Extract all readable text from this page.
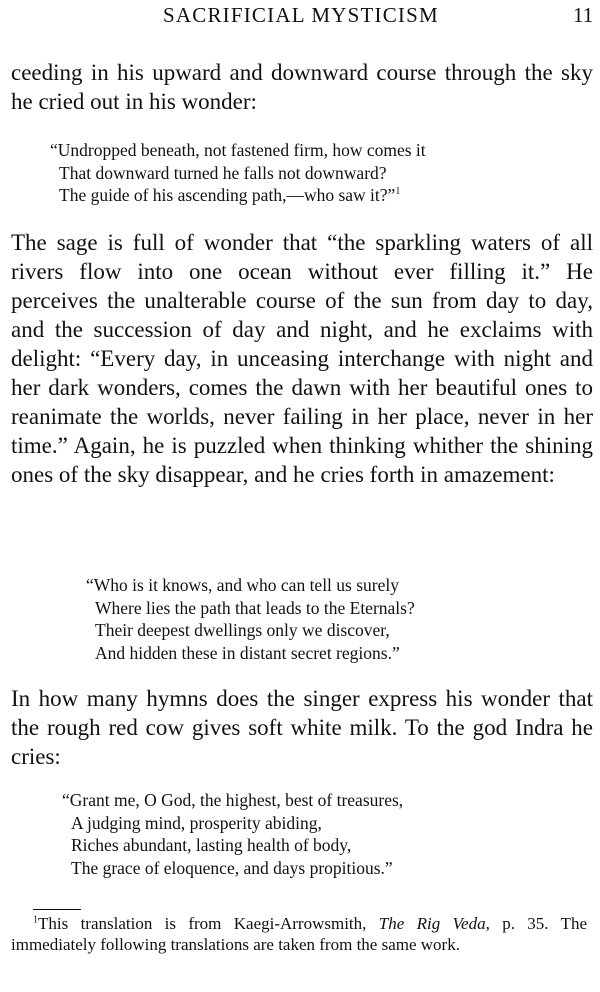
SACRIFICIAL MYSTICISM	11

ceeding in his upward and downward course through the sky he cried out in his wonder:

“Undropped beneath, not fastened firm, how comes it
That downward turned he falls not downward?
The guide of his ascending path,—who saw it?”$^1$

The sage is full of wonder that “the sparkling waters of all rivers flow into one ocean without ever filling it.” He perceives the unalterable course of the sun from day to day, and the succession of day and night, and he exclaims with delight: “Every day, in unceasing interchange with night and her dark wonders, comes the dawn with her beautiful ones to reanimate the worlds, never failing in her place, never in her time.” Again, he is puzzled when thinking whither the shining ones of the sky disappear, and he cries forth in amazement:

“Who is it knows, and who can tell us surely
Where lies the path that leads to the Eternals?
Their deepest dwellings only we discover,
And hidden these in distant secret regions.”

In how many hymns does the singer express his wonder that the rough red cow gives soft white milk. To the god Indra he cries:

“Grant me, O God, the highest, best of treasures,
A judging mind, prosperity abiding,
Riches abundant, lasting health of body,
The grace of eloquence, and days propitious.”

$^1$This translation is from Kaegi-Arrowsmith, The Rig Veda, p. 35. The immediately following translations are taken from the same work.
